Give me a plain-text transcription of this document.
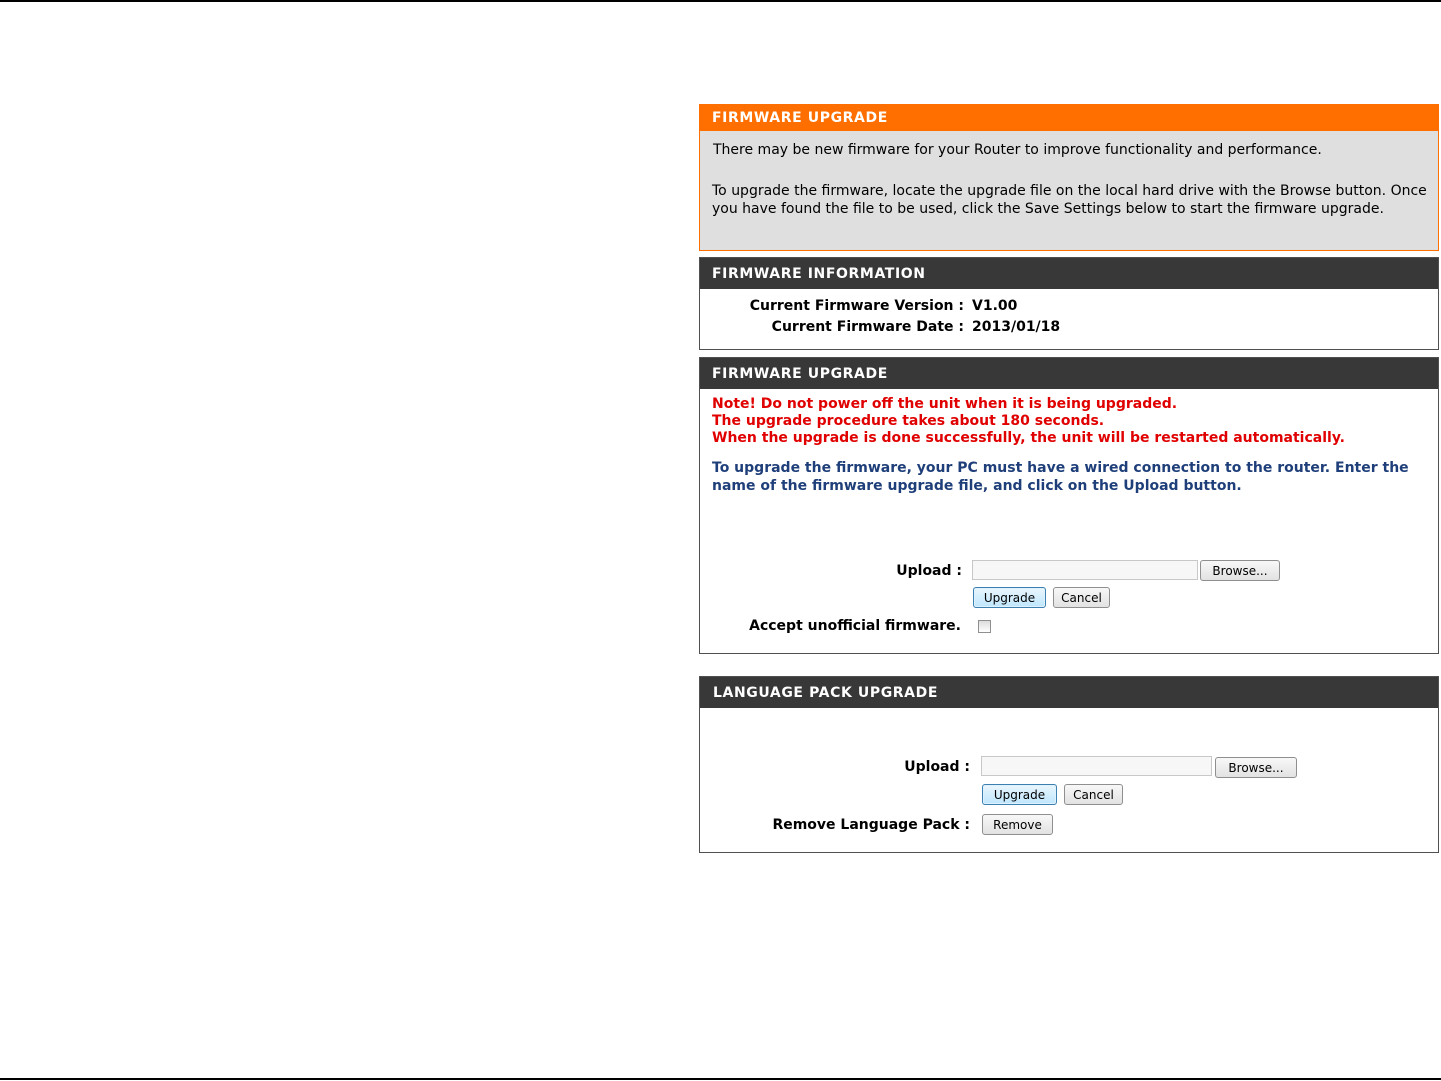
FIRMWARE UPGRADE
There may be new firmware for your Router to improve functionality and performance.
To upgrade the firmware, locate the upgrade file on the local hard drive with the Browse button. Once you have found the file to be used, click the Save Settings below to start the firmware upgrade.
FIRMWARE INFORMATION
Current Firmware Version : V1.00
Current Firmware Date : 2013/01/18
FIRMWARE UPGRADE
Note! Do not power off the unit when it is being upgraded.
The upgrade procedure takes about 180 seconds.
When the upgrade is done successfully, the unit will be restarted automatically.
To upgrade the firmware, your PC must have a wired connection to the router. Enter the name of the firmware upgrade file, and click on the Upload button.
Upload :	Browse...
Upgrade	Cancel
Accept unofficial firmware.
LANGUAGE PACK UPGRADE
Upload :	Browse...
Upgrade	Cancel
Remove Language Pack :	Remove
